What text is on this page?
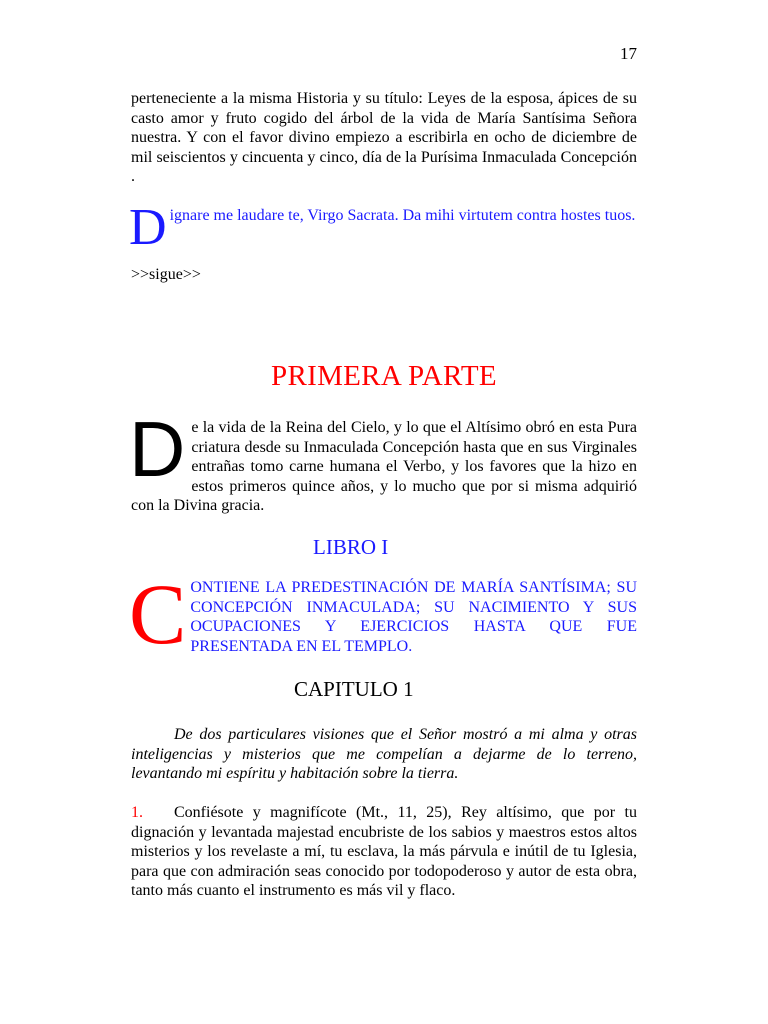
17
perteneciente a la misma Historia y su título: Leyes de la esposa, ápices de su casto amor y fruto cogido del árbol de la vida de María Santísima Señora nuestra. Y con el favor divino empiezo a escribirla en ocho de diciembre de mil seiscientos y cincuenta y cinco, día de la Purísima Inmaculada Concepción .
D ignare me laudare te, Virgo Sacrata. Da mihi virtutem contra hostes tuos.
>>sigue>>
PRIMERA PARTE
D e la vida de la Reina del Cielo, y lo que el Altísimo obró en esta Pura criatura desde su Inmaculada Concepción hasta que en sus Virginales entrañas tomo carne humana el Verbo, y los favores que la hizo en estos primeros quince años, y lo mucho que por si misma adquirió con la Divina gracia.
LIBRO I
C ONTIENE LA PREDESTINACIÓN DE MARÍA SANTÍSIMA; SU CONCEPCIÓN INMACULADA; SU NACIMIENTO Y SUS OCUPACIONES Y EJERCICIOS HASTA QUE FUE PRESENTADA EN EL TEMPLO.
CAPITULO 1
De dos particulares visiones que el Señor mostró a mi alma y otras inteligencias y misterios que me compelían a dejarme de lo terreno, levantando mi espíritu y habitación sobre la tierra.
1. Confiésote y magnifícote (Mt., 11, 25), Rey altísimo, que por tu dignación y levantada majestad encubriste de los sabios y maestros estos altos misterios y los revelaste a mí, tu esclava, la más párvula e inútil de tu Iglesia, para que con admiración seas conocido por todopoderoso y autor de esta obra, tanto más cuanto el instrumento es más vil y flaco.
